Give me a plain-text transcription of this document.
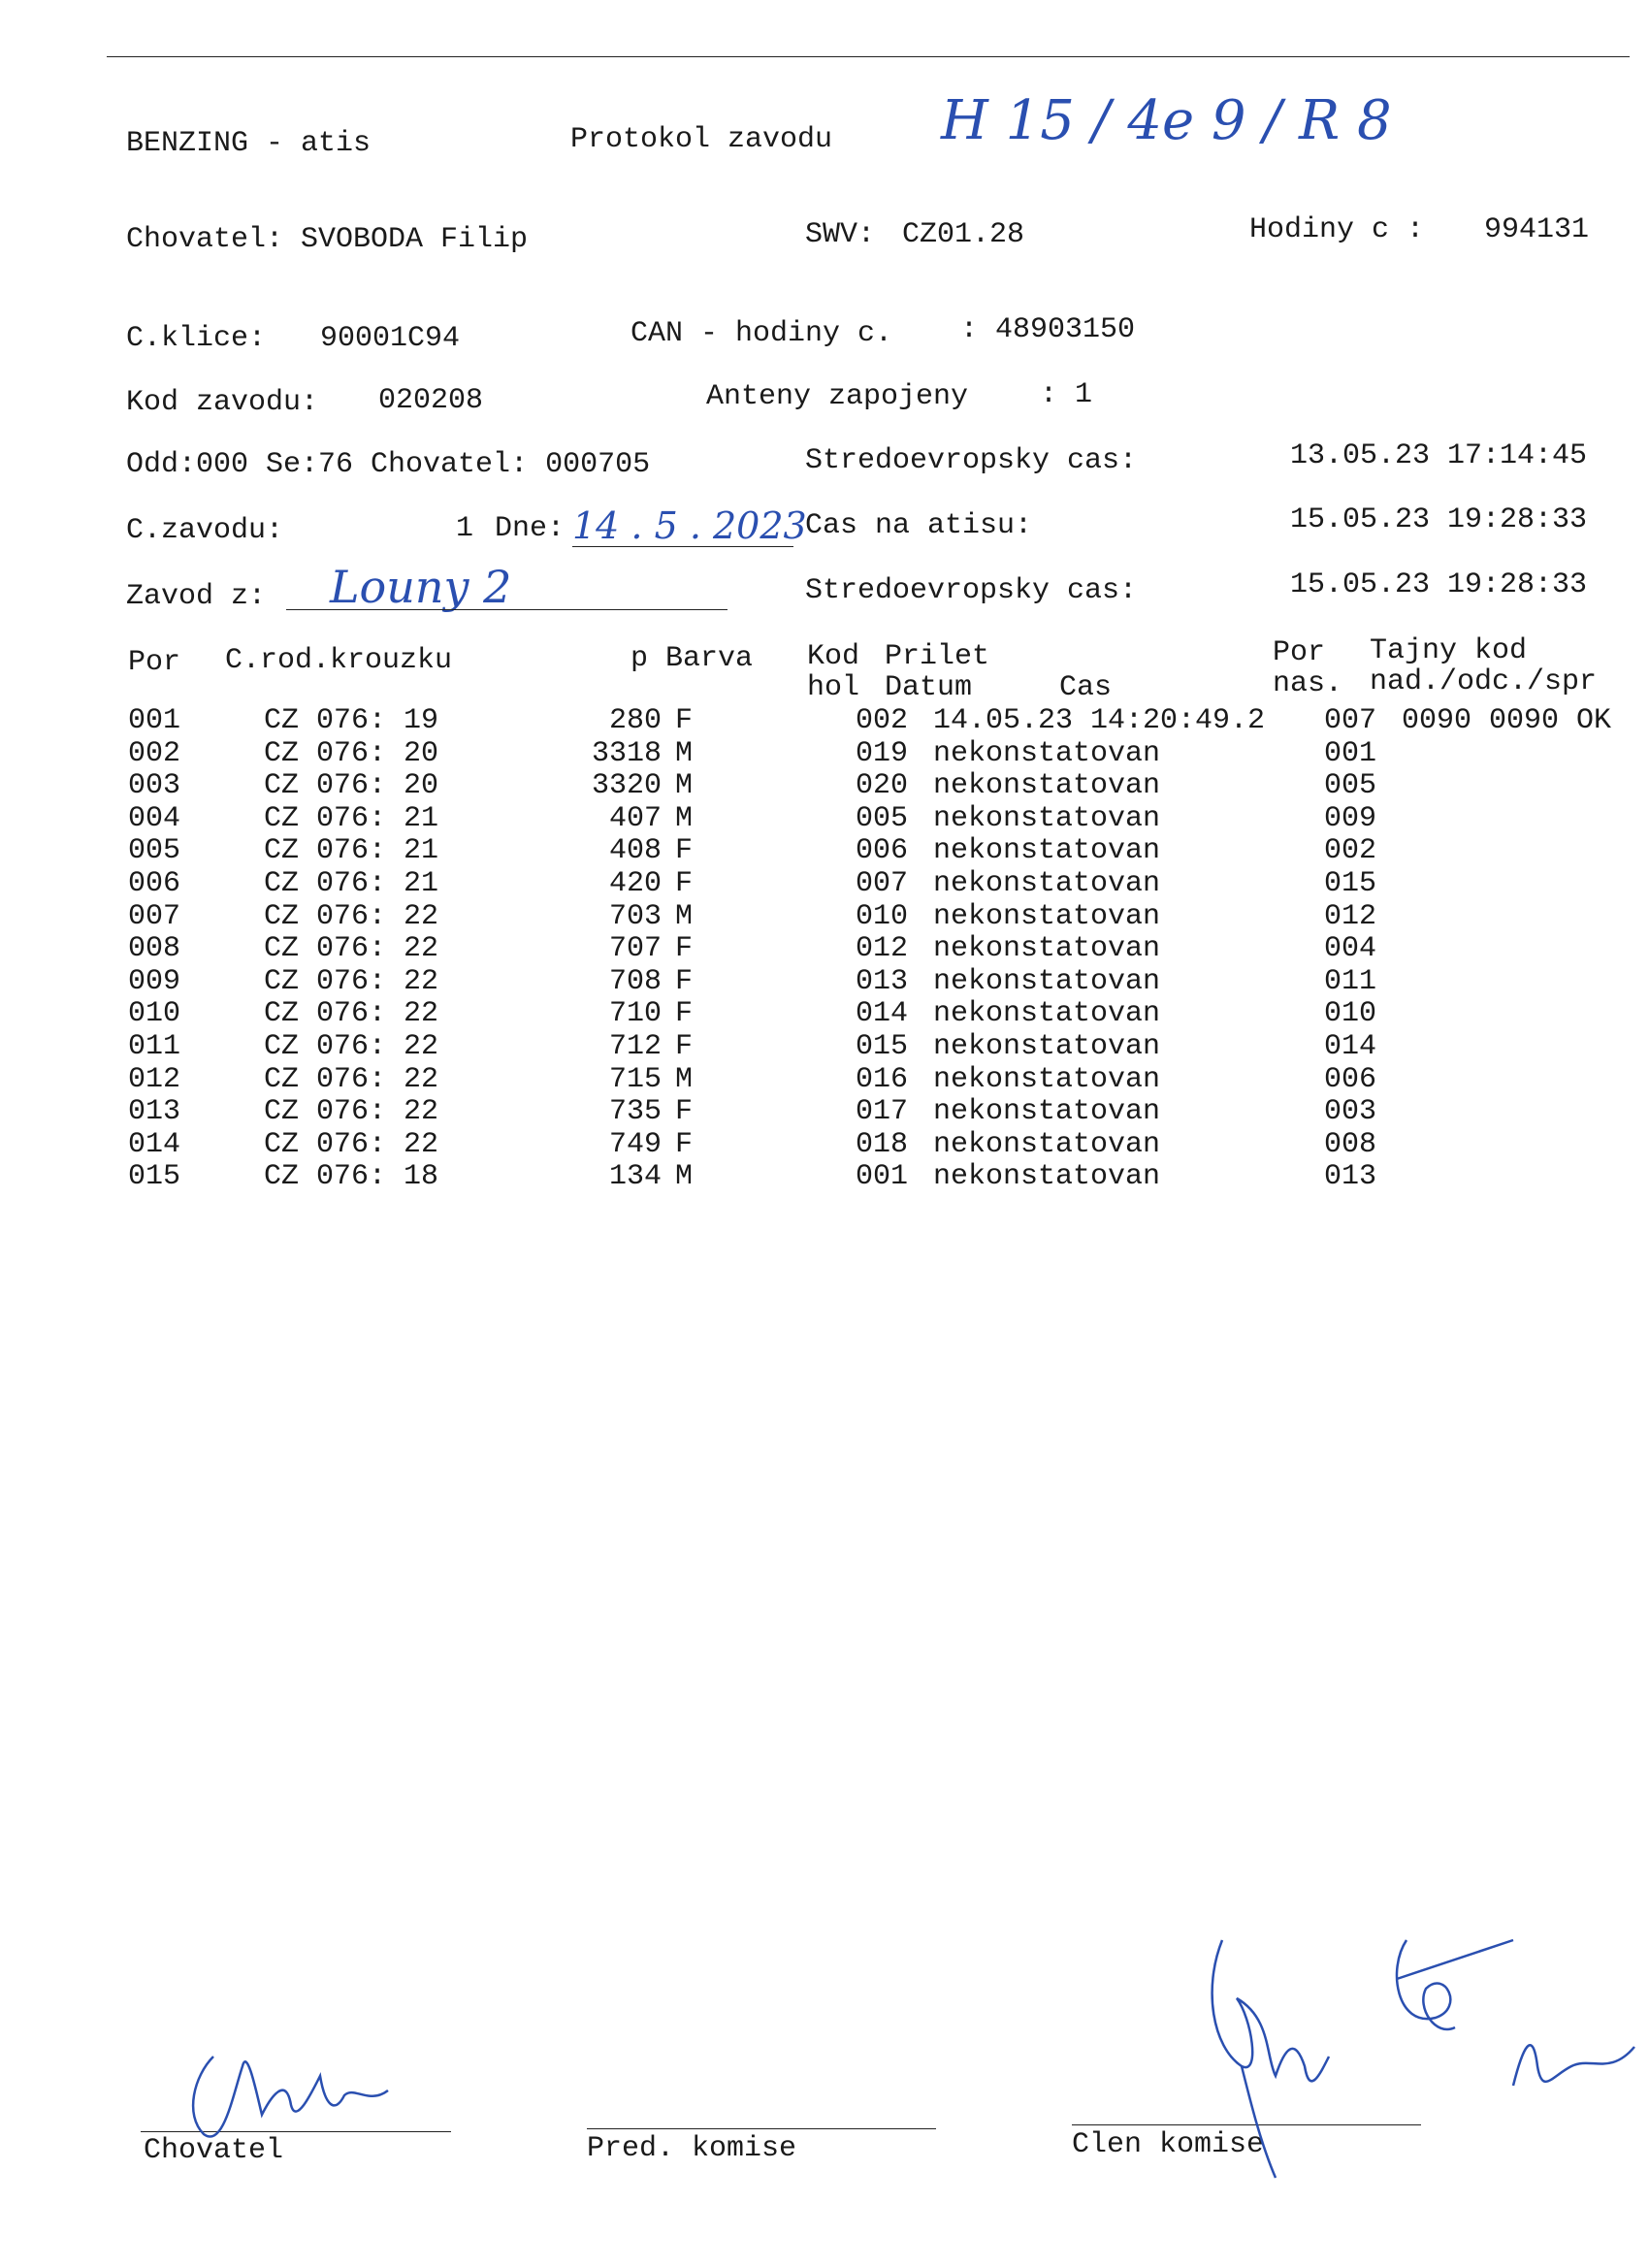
BENZING - atis	Protokol zavodu H 15 / 4e 9 / R 8
Chovatel: SVOBODA Filip	SWV: CZ01.28	Hodiny c : 994131
C.klice: 90001C94	CAN - hodiny c. : 48903150
Kod zavodu: 020208	Anteny zapojeny : 1
Odd:000 Se:76 Chovatel: 000705	Stredoevropsky cas:	13.05.23 17:14:45
C.zavodu:	1 Dne: 14 . 5 . 2023
Cas na atisu:	15.05.23 19:28:33
Zavod z: Louny 2	Stredoevropsky cas:	15.05.23 19:28:33
Por C.rod.krouzku	p Barva Kod
hol
Prilet
Datum	Cas
Por
nas.
Tajny kod
nad./odc./spr
001	CZ 076: 19	280	F	002	14.05.23 14:20:49.2	007	0090 0090 OK
002	CZ 076: 20	3318	M	019	nekonstatovan	001	
003	CZ 076: 20	3320	M	020	nekonstatovan	005	
004	CZ 076: 21	407	M	005	nekonstatovan	009	
005	CZ 076: 21	408	F	006	nekonstatovan	002	
006	CZ 076: 21	420	F	007	nekonstatovan	015	
007	CZ 076: 22	703	M	010	nekonstatovan	012	
008	CZ 076: 22	707	F	012	nekonstatovan	004	
009	CZ 076: 22	708	F	013	nekonstatovan	011	
010	CZ 076: 22	710	F	014	nekonstatovan	010	
011	CZ 076: 22	712	F	015	nekonstatovan	014	
012	CZ 076: 22	715	M	016	nekonstatovan	006	
013	CZ 076: 22	735	F	017	nekonstatovan	003	
014	CZ 076: 22	749	F	018	nekonstatovan	008	
015	CZ 076: 18	134	M	001	nekonstatovan	013	
Chovatel	Pred. komise	Clen komise
